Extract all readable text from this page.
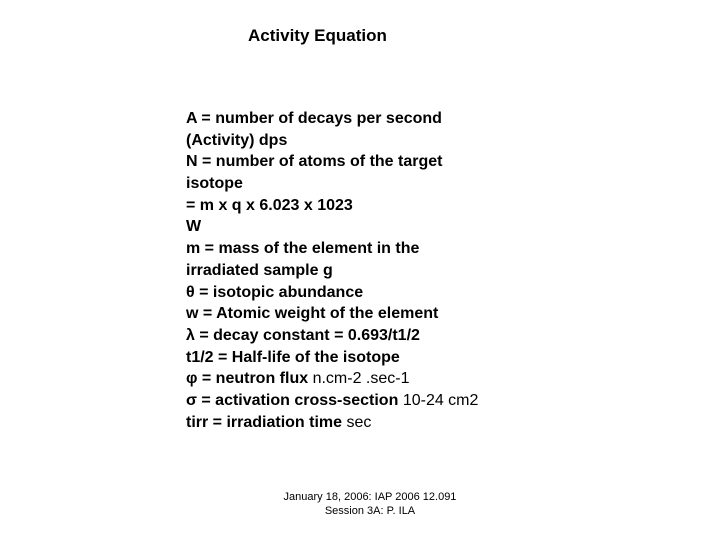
Activity Equation
A = number of decays per second
(Activity) dps
N = number of atoms of the target
isotope
= m x q x 6.023 x 1023
W
m = mass of the element in the
irradiated sample g
θ = isotopic abundance
w = Atomic weight of the element
λ = decay constant = 0.693/t1/2
t1/2 = Half-life of the isotope
φ = neutron flux n.cm-2 .sec-1
σ = activation cross-section 10-24 cm2
tirr = irradiation time sec
January 18, 2006: IAP 2006 12.091
Session 3A: P. ILA
